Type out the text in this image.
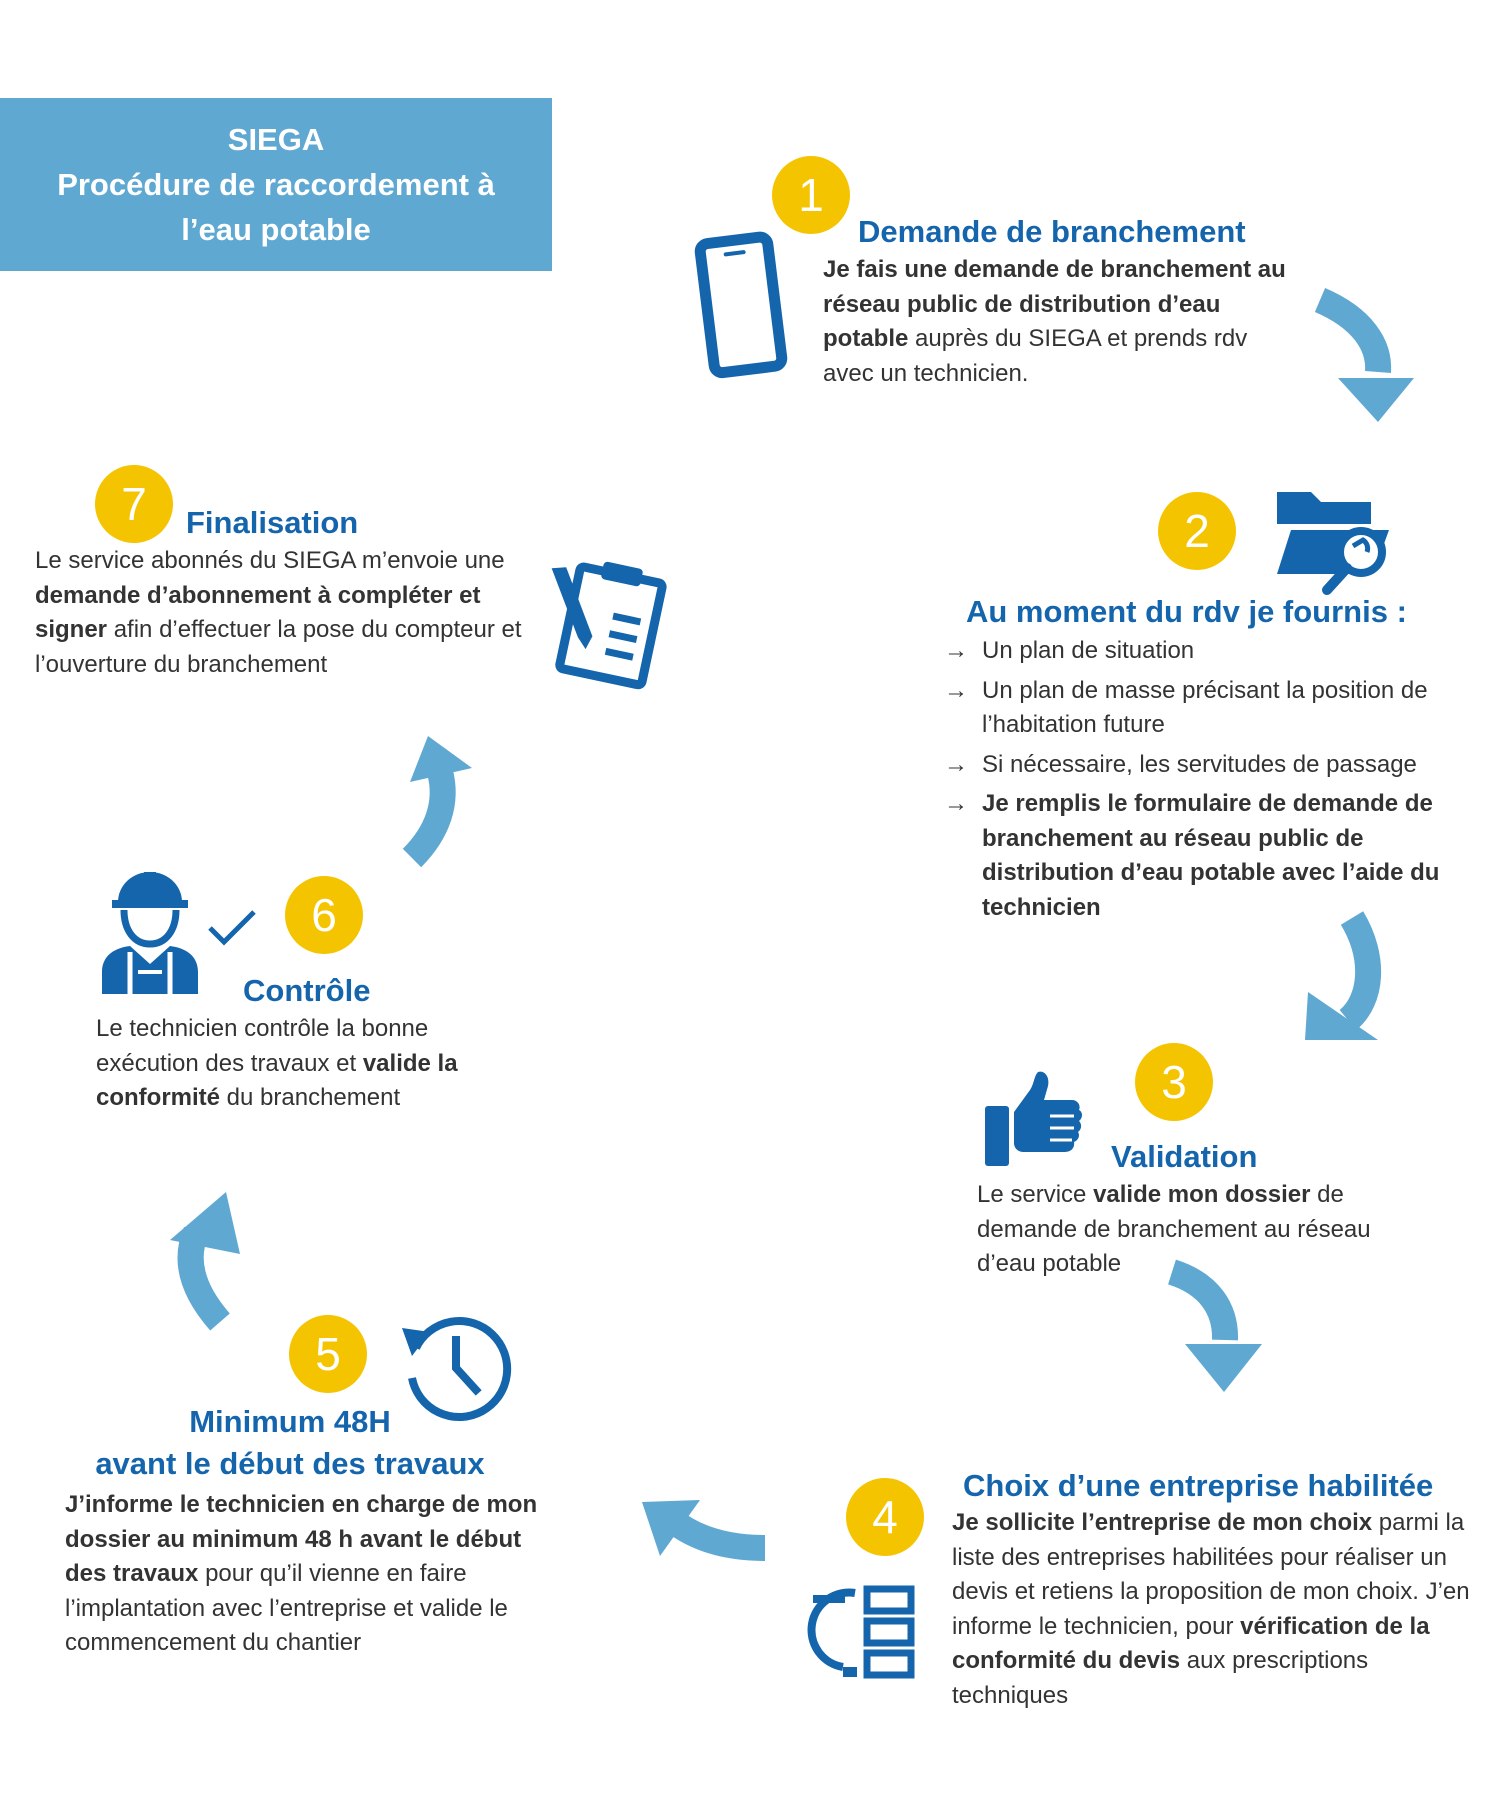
SIEGA
Procédure de raccordement à
l’eau potable
1
Demande de branchement
Je fais une demande de branchement au réseau public de distribution d’eau potable auprès du SIEGA et prends rdv avec un technicien.
2
Au moment du rdv je fournis :

→ Un plan de situation

→ Un plan de masse précisant la position de l’habitation future

→ Si nécessaire, les servitudes de passage

→ Je remplis le formulaire de demande de branchement au réseau public de distribution d’eau potable avec l’aide du technicien

3
Validation
Le service valide mon dossier de demande de branchement au réseau d’eau potable
Choix d’une entreprise habilitée
4	Je sollicite l’entreprise de mon choix parmi la liste des entreprises habilitées pour réaliser un devis et retiens la proposition de mon choix. J’en informe le technicien, pour vérification de la conformité du devis aux prescriptions techniques
5
Minimum 48H
avant le début des travaux
J’informe le technicien en charge de mon dossier au minimum 48 h avant le début des travaux pour qu’il vienne en faire l’implantation avec l’entreprise et valide le commencement du chantier
6
Contrôle
Le technicien contrôle la bonne exécution des travaux et valide la conformité du branchement
7	Finalisation
Le service abonnés du SIEGA m’envoie une demande d’abonnement à compléter et signer afin d’effectuer la pose du compteur et l’ouverture du branchement
